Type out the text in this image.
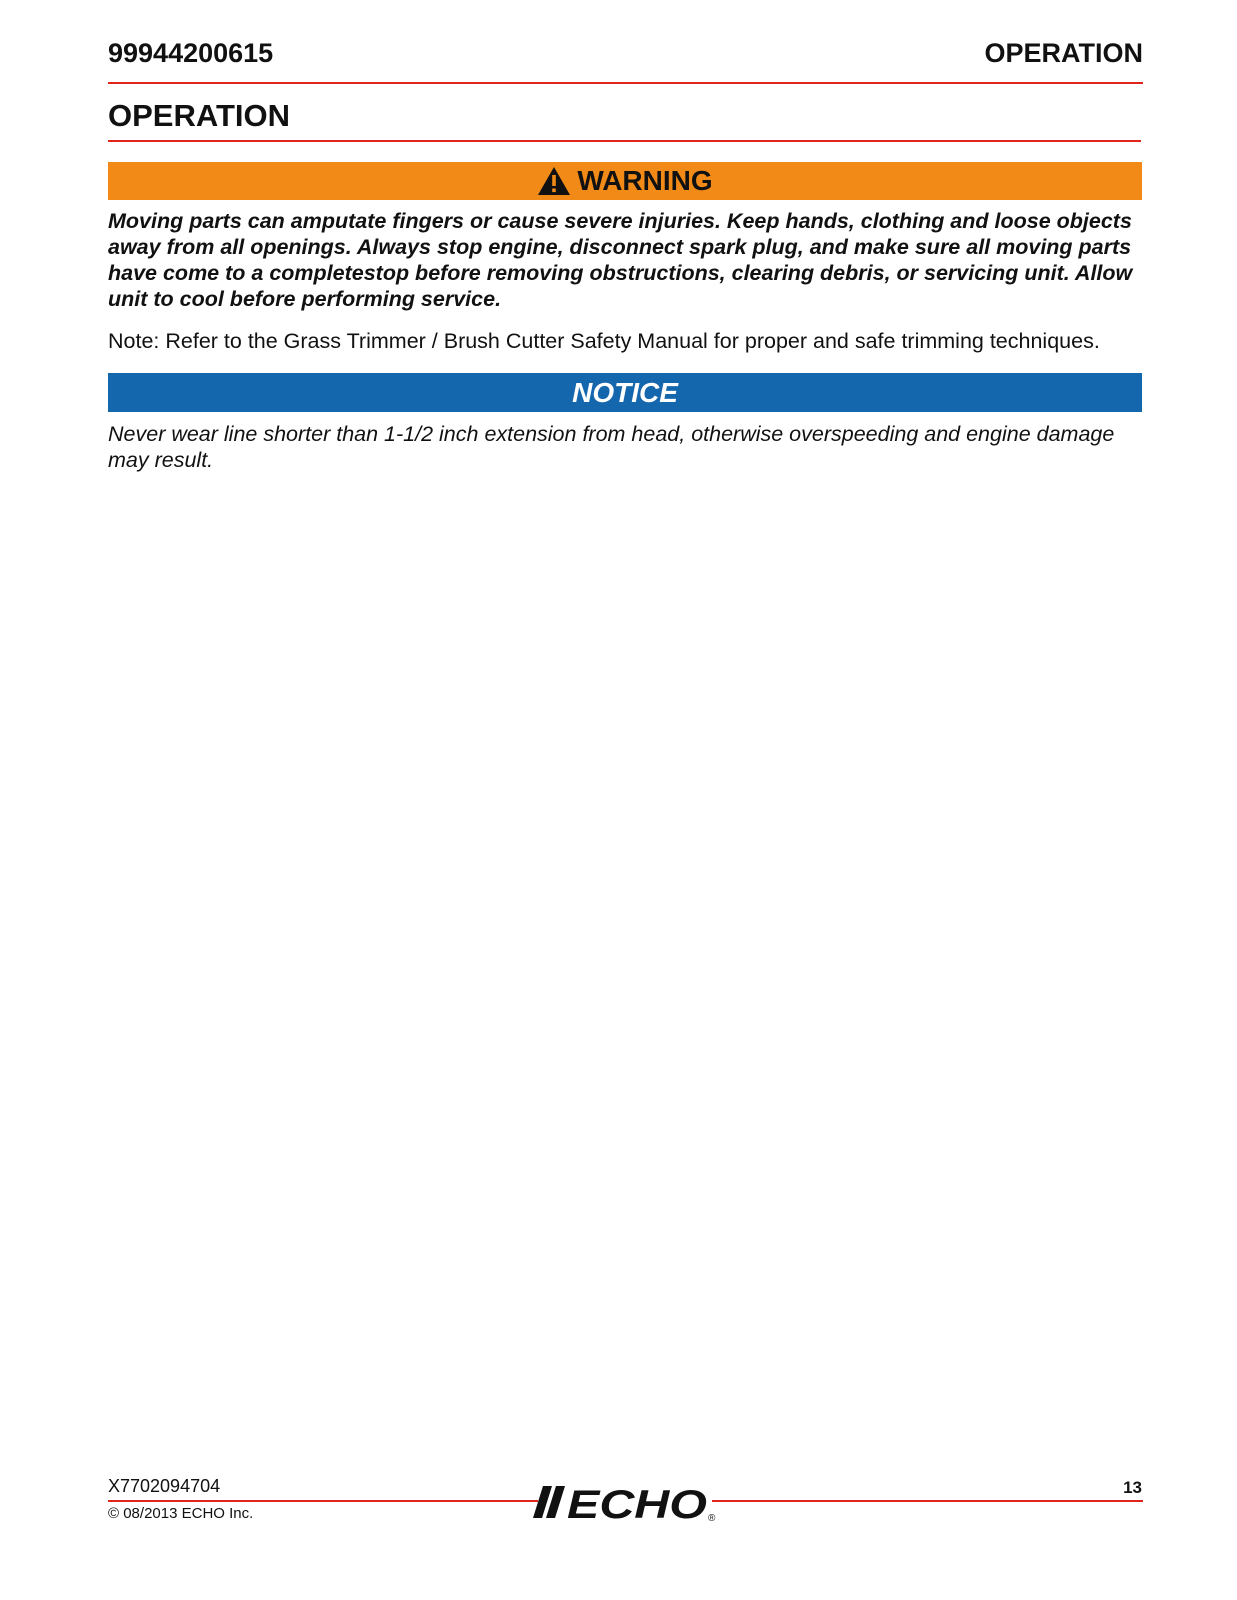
99944200615	OPERATION
OPERATION
WARNING

Moving parts can amputate fingers or cause severe injuries. Keep hands, clothing and loose objects away from all openings. Always stop engine, disconnect spark plug, and make sure all moving parts have come to a completestop before removing obstructions, clearing debris, or servicing unit. Allow unit to cool before performing service.

Note: Refer to the Grass Trimmer / Brush Cutter Safety Manual for proper and safe trimming techniques.

NOTICE

Never wear line shorter than 1-1/2 inch extension from head, otherwise overspeeding and engine damage may result.

X7702094704
© 08/2013 ECHO Inc.
13
ECHO ®
